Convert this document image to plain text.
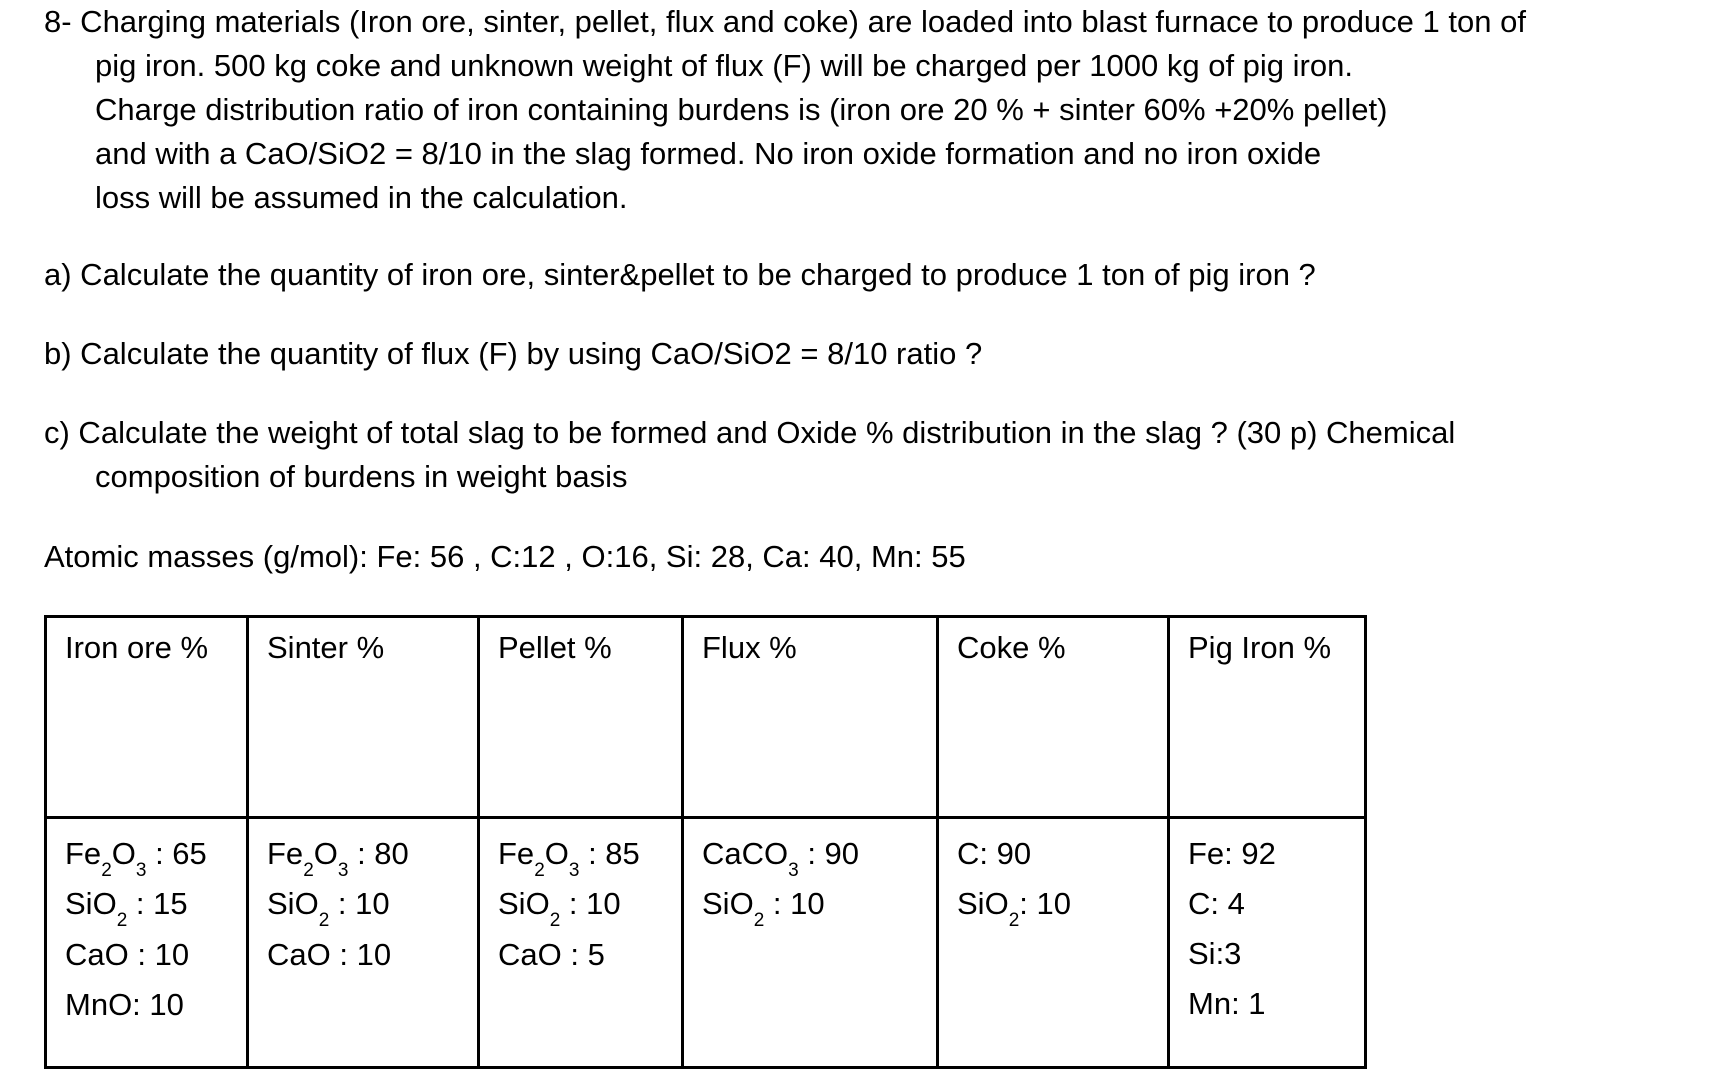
8- Charging materials (Iron ore, sinter, pellet, flux and coke) are loaded into blast furnace to produce 1 ton of
pig iron. 500 kg coke and unknown weight of flux (F) will be charged per 1000 kg of pig iron.
Charge distribution ratio of iron containing burdens is (iron ore 20 % + sinter 60% +20% pellet)
and with a CaO/SiO2 = 8/10 in the slag formed. No iron oxide formation and no iron oxide
loss will be assumed in the calculation.
a) Calculate the quantity of iron ore, sinter&pellet to be charged to produce 1 ton of pig iron ?
b) Calculate the quantity of flux (F) by using CaO/SiO2 = 8/10 ratio ?
c) Calculate the weight of total slag to be formed and Oxide % distribution in the slag ? (30 p) Chemical
composition of burdens in weight basis
Atomic masses (g/mol): Fe: 56 , C:12 , O:16, Si: 28, Ca: 40, Mn: 55
Iron ore %	Sinter %	Pellet %	Flux %	Coke %	Pig Iron %

$Fe_2O_3$ : 65
SiO$_2$ : 15
CaO : 10
MnO: 10	$Fe_2O_3$ : 80
SiO$_2$ : 10
CaO : 10	$Fe_2O_3$ : 85
SiO$_2$ : 10
CaO : 5	CaCO$_3$ : 90
SiO$_2$ : 10	C: 90
SiO$_2$: 10	Fe: 92
C: 4
Si:3
Mn: 1
